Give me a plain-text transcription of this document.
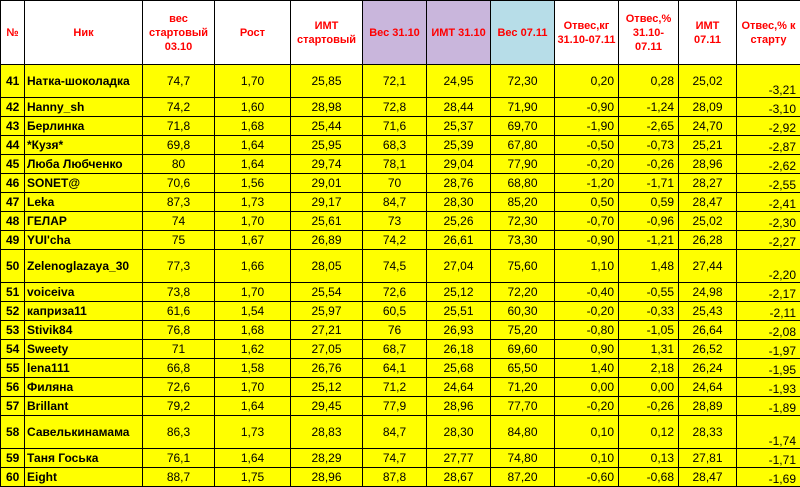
№	Ник	вес стартовый 03.10	Рост	ИМТ стартовый	Вес 31.10	ИМТ 31.10	Вес 07.11	Отвес,кг 31.10-07.11	Отвес,% 31.10-07.11	ИМТ 07.11	Отвес,% к старту
41	Натка-шоколадка	74,7	1,70	25,85	72,1	24,95	72,30	0,20	0,28	25,02	-3,21
42	Hanny_sh	74,2	1,60	28,98	72,8	28,44	71,90	-0,90	-1,24	28,09	-3,10
43	Берлинка	71,8	1,68	25,44	71,6	25,37	69,70	-1,90	-2,65	24,70	-2,92
44	*Кузя*	69,8	1,64	25,95	68,3	25,39	67,80	-0,50	-0,73	25,21	-2,87
45	Люба Любченко	80	1,64	29,74	78,1	29,04	77,90	-0,20	-0,26	28,96	-2,62
46	SONET@	70,6	1,56	29,01	70	28,76	68,80	-1,20	-1,71	28,27	-2,55
47	Leka	87,3	1,73	29,17	84,7	28,30	85,20	0,50	0,59	28,47	-2,41
48	ГЕЛАР	74	1,70	25,61	73	25,26	72,30	-0,70	-0,96	25,02	-2,30
49	YUI'cha	75	1,67	26,89	74,2	26,61	73,30	-0,90	-1,21	26,28	-2,27
50	Zelenoglazaya_30	77,3	1,66	28,05	74,5	27,04	75,60	1,10	1,48	27,44	-2,20
51	voiceiva	73,8	1,70	25,54	72,6	25,12	72,20	-0,40	-0,55	24,98	-2,17
52	каприза11	61,6	1,54	25,97	60,5	25,51	60,30	-0,20	-0,33	25,43	-2,11
53	Stivik84	76,8	1,68	27,21	76	26,93	75,20	-0,80	-1,05	26,64	-2,08
54	Sweety	71	1,62	27,05	68,7	26,18	69,60	0,90	1,31	26,52	-1,97
55	lena111	66,8	1,58	26,76	64,1	25,68	65,50	1,40	2,18	26,24	-1,95
56	Филяна	72,6	1,70	25,12	71,2	24,64	71,20	0,00	0,00	24,64	-1,93
57	Brillant	79,2	1,64	29,45	77,9	28,96	77,70	-0,20	-0,26	28,89	-1,89
58	Савелькинамама	86,3	1,73	28,83	84,7	28,30	84,80	0,10	0,12	28,33	-1,74
59	Таня Госька	76,1	1,64	28,29	74,7	27,77	74,80	0,10	0,13	27,81	-1,71
60	Eight	88,7	1,75	28,96	87,8	28,67	87,20	-0,60	-0,68	28,47	-1,69
